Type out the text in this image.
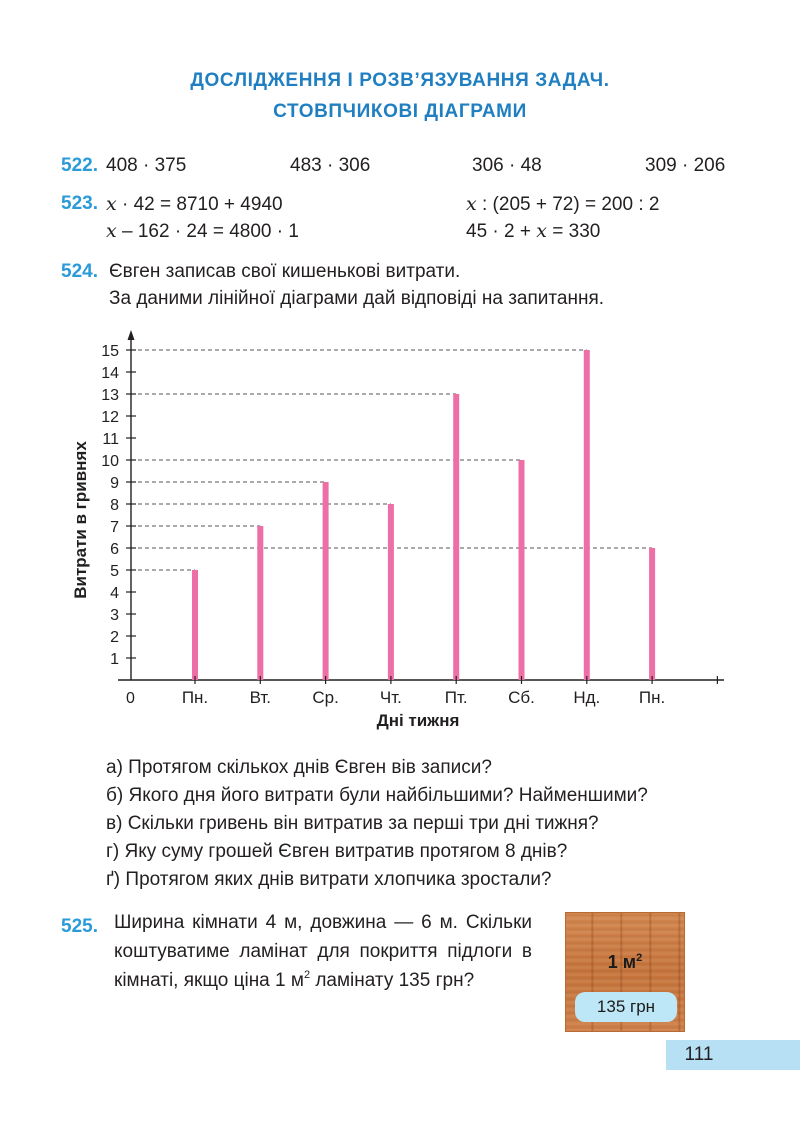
ДОСЛІДЖЕННЯ І РОЗВ’ЯЗУВАННЯ ЗАДАЧ.
СТОВПЧИКОВІ ДІАГРАМИ
522. 408 · 375	483 · 306	306 · 48	309 · 206
523. x · 42 = 8710 + 4940	x : (205 + 72) = 200 : 2
x – 162 · 24 = 4800 · 1	45 · 2 + x = 330
524. Євген записав свої кишенькові витрати.
За даними лінійної діаграми дай відповіді на запитання.
1
2
3
4
5
6
7
8
9
10
11
12
13
14
15
Пн. Вт. Ср. Чт.	Пт. Сб. Нд. Пн.
0
Дні тижня
Витрати в гривнях
а) Протягом скількох днів Євген вів записи?
б) Якого дня його витрати були найбільшими? Найменшими?
в) Скільки гривень він витратив за перші три дні тижня?
г) Яку суму грошей Євген витратив протягом 8 днів?
ґ) Протягом яких днів витрати хлопчика зростали?
525. Ширина кімнати 4 м, довжина — 6 м. Скільки коштуватиме ламінат для покриття підлоги в кімнаті, якщо ціна 1 $м^2$ ламінату 135 грн?
1 $м^2$
135 грн
111
